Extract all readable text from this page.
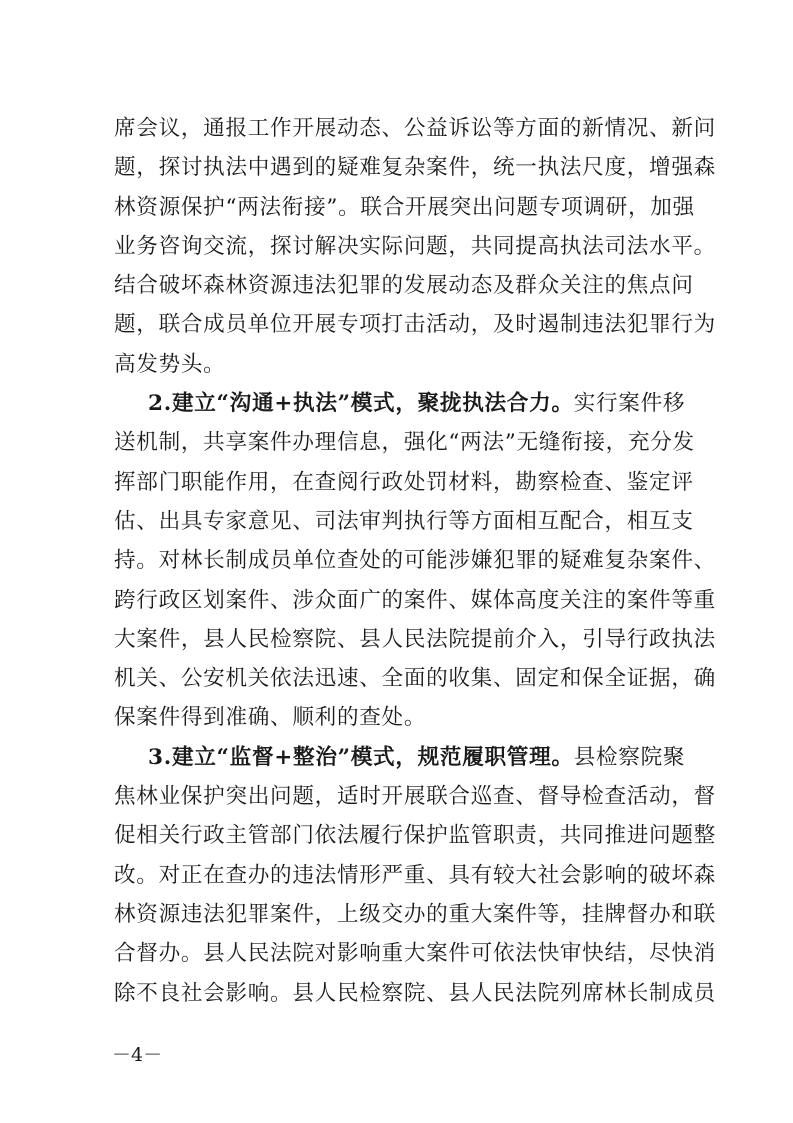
席会议，通报工作开展动态、公益诉讼等方面的新情况、新问
题，探讨执法中遇到的疑难复杂案件，统一执法尺度，增强森
林资源保护“两法衔接”。联合开展突出问题专项调研，加强
业务咨询交流，探讨解决实际问题，共同提高执法司法水平。
结合破坏森林资源违法犯罪的发展动态及群众关注的焦点问
题，联合成员单位开展专项打击活动，及时遏制违法犯罪行为
高发势头。
2.建立“沟通+执法”模式，聚拢执法合力。实行案件移
送机制，共享案件办理信息，强化“两法”无缝衔接，充分发
挥部门职能作用，在查阅行政处罚材料，勘察检查、鉴定评
估、出具专家意见、司法审判执行等方面相互配合，相互支
持。对林长制成员单位查处的可能涉嫌犯罪的疑难复杂案件、
跨行政区划案件、涉众面广的案件、媒体高度关注的案件等重
大案件，县人民检察院、县人民法院提前介入，引导行政执法
机关、公安机关依法迅速、全面的收集、固定和保全证据，确
保案件得到准确、顺利的查处。
3.建立“监督+整治”模式，规范履职管理。县检察院聚
焦林业保护突出问题，适时开展联合巡查、督导检查活动，督
促相关行政主管部门依法履行保护监管职责，共同推进问题整
改。对正在查办的违法情形严重、具有较大社会影响的破坏森
林资源违法犯罪案件，上级交办的重大案件等，挂牌督办和联
合督办。县人民法院对影响重大案件可依法快审快结，尽快消
除不良社会影响。县人民检察院、县人民法院列席林长制成员
－4－
